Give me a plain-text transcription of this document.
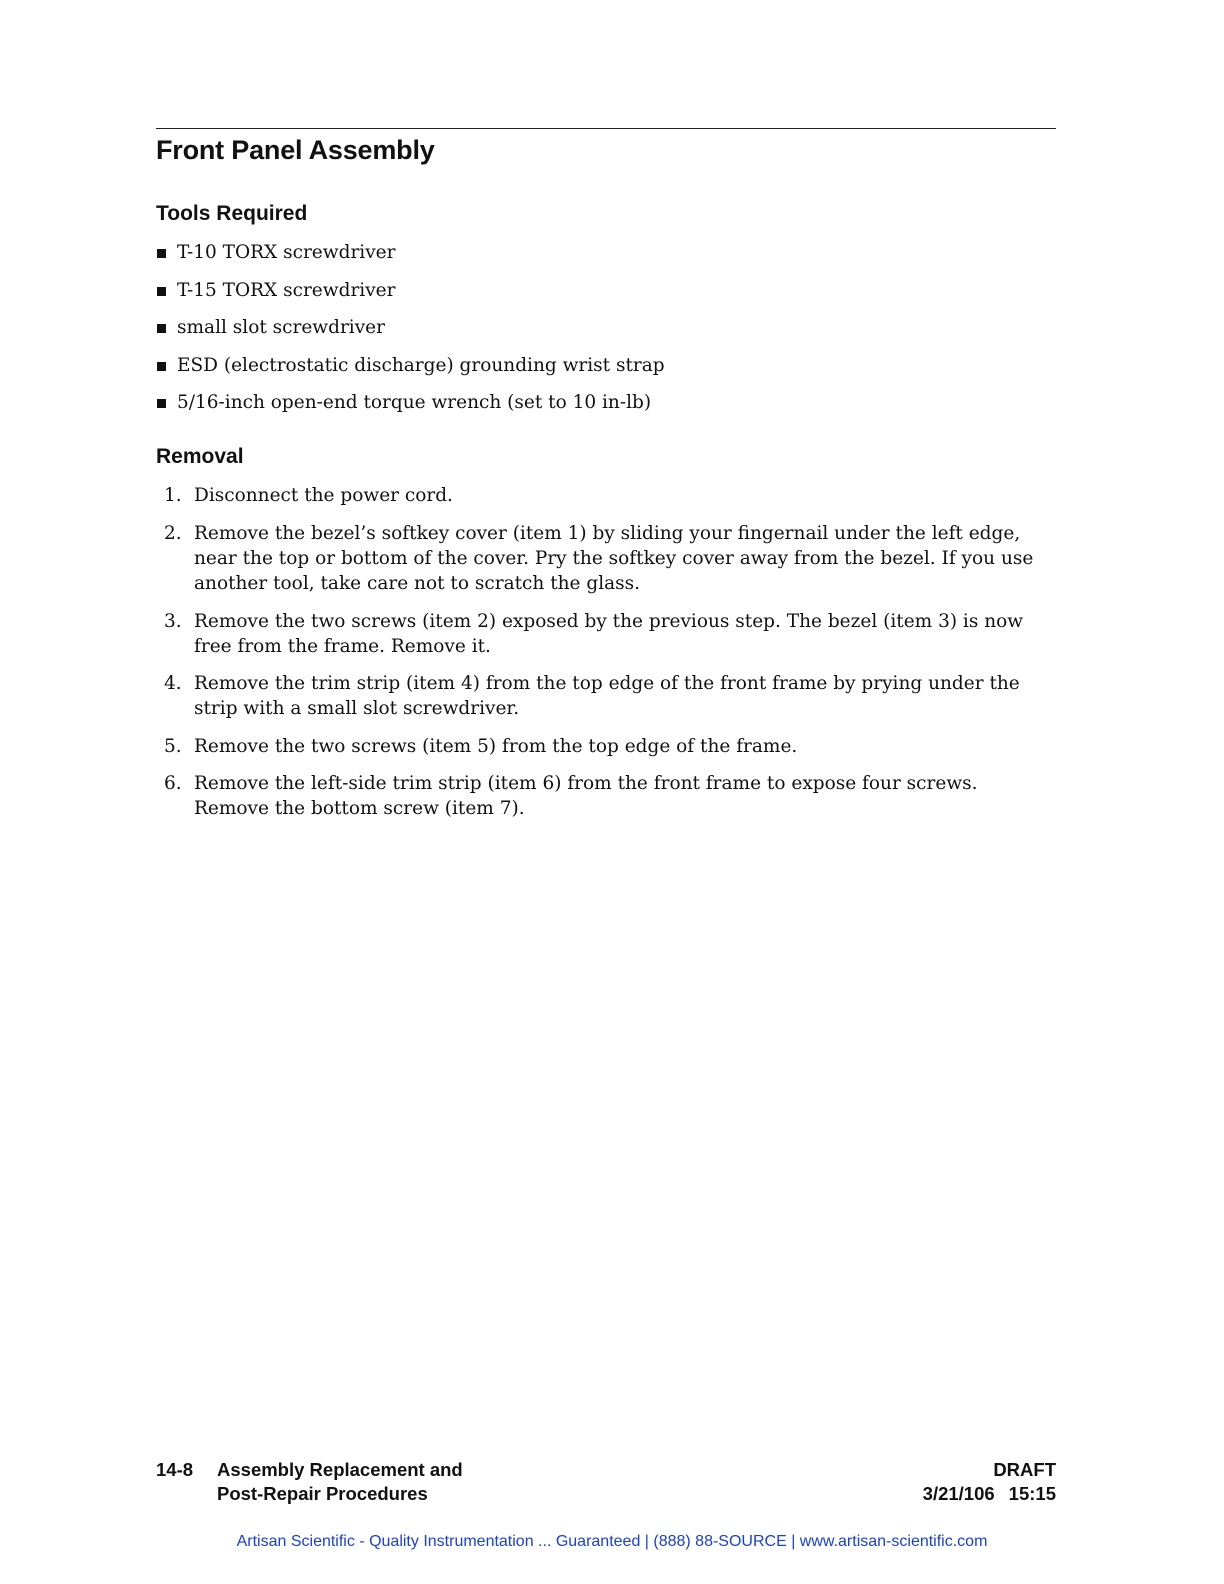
Front Panel Assembly
Tools Required
T-10 TORX screwdriver
T-15 TORX screwdriver
small slot screwdriver
ESD (electrostatic discharge) grounding wrist strap
5/16-inch open-end torque wrench (set to 10 in-lb)
Removal
1. Disconnect the power cord.
2. Remove the bezel’s softkey cover (item 1) by sliding your fingernail under the left edge,
near the top or bottom of the cover. Pry the softkey cover away from the bezel. If you use
another tool, take care not to scratch the glass.
3. Remove the two screws (item 2) exposed by the previous step. The bezel (item 3) is now
free from the frame. Remove it.
4. Remove the trim strip (item 4) from the top edge of the front frame by prying under the
strip with a small slot screwdriver.
5. Remove the two screws (item 5) from the top edge of the frame.
6. Remove the left-side trim strip (item 6) from the front frame to expose four screws.
Remove the bottom screw (item 7).
14-8 Assembly Replacement and
Post-Repair Procedures
DRAFT
3/21/106 15:15
Artisan Scientific - Quality Instrumentation ... Guaranteed | (888) 88-SOURCE | www.artisan-scientific.com
